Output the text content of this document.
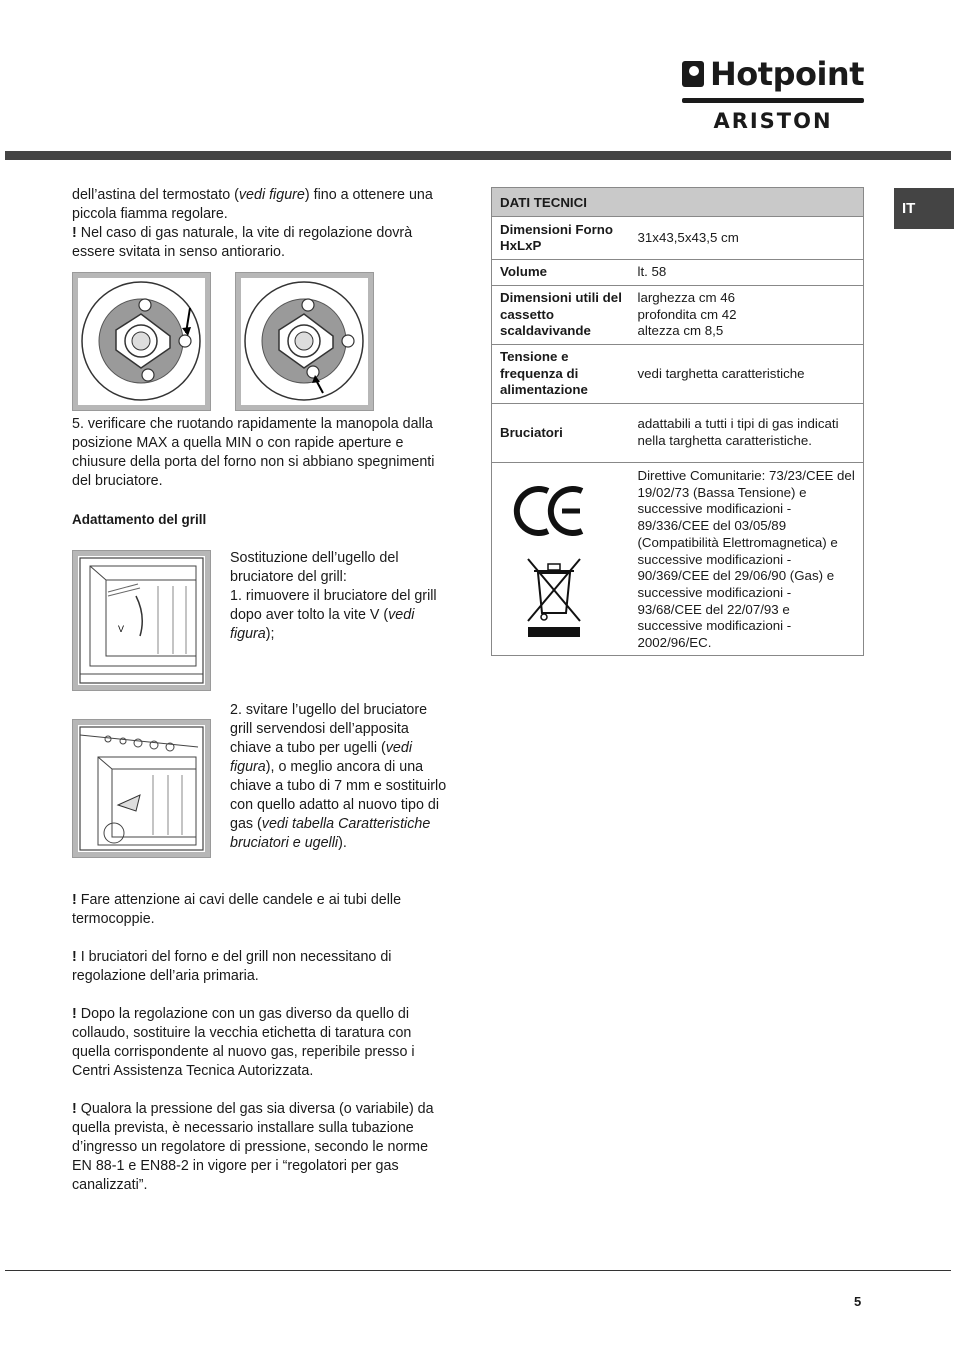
Hotpoint
ARISTON
IT
dell’astina del termostato (vedi figure) fino a ottenere una piccola fiamma regolare.
! Nel caso di gas naturale, la vite di regolazione dovrà essere svitata in senso antiorario.
5. verificare che ruotando rapidamente la manopola dalla posizione MAX a quella MIN o con rapide aperture e chiusure della porta del forno non si abbiano spegnimenti del bruciatore.
Adattamento del grill
V
Sostituzione dell’ugello del bruciatore del grill:
1. rimuovere il bruciatore del grill dopo aver tolto la vite V (vedi figura);
2. svitare l’ugello del bruciatore grill servendosi dell’apposita chiave a tubo per ugelli (vedi figura), o meglio ancora di una chiave a tubo di 7 mm e sostituirlo con quello adatto al nuovo tipo di gas (vedi tabella Caratteristiche bruciatori e ugelli).
! Fare attenzione ai cavi delle candele e ai tubi delle termocoppie.
! I bruciatori del forno e del grill non necessitano di regolazione dell’aria primaria.
! Dopo la regolazione con un gas diverso da quello di collaudo, sostituire la vecchia etichetta di taratura con quella corrispondente al nuovo gas, reperibile presso i Centri Assistenza Tecnica Autorizzata.
! Qualora la pressione del gas sia diversa (o variabile) da quella prevista, è necessario installare sulla tubazione d’ingresso un regolatore di pressione, secondo le norme EN 88-1 e EN88-2 in vigore per i “regolatori per gas canalizzati”.
DATI TECNICI	
Dimensioni Forno HxLxP	31x43,5x43,5 cm
Volume	lt. 58
Dimensioni utili del cassetto scaldavivande	larghezza cm 46
profondita cm 42
altezza cm 8,5
Tensione e frequenza di alimentazione	vedi targhetta caratteristiche
Bruciatori	adattabili a tutti i tipi di gas indicati nella targhetta caratteristiche.
	Direttive Comunitarie: 73/23/CEE del 19/02/73 (Bassa Tensione) e successive modificazioni - 89/336/CEE del 03/05/89 (Compatibilità Elettromagnetica) e successive modificazioni - 90/369/CEE del 29/06/90 (Gas) e successive modificazioni - 93/68/CEE del 22/07/93 e successive modificazioni - 2002/96/EC.
5
